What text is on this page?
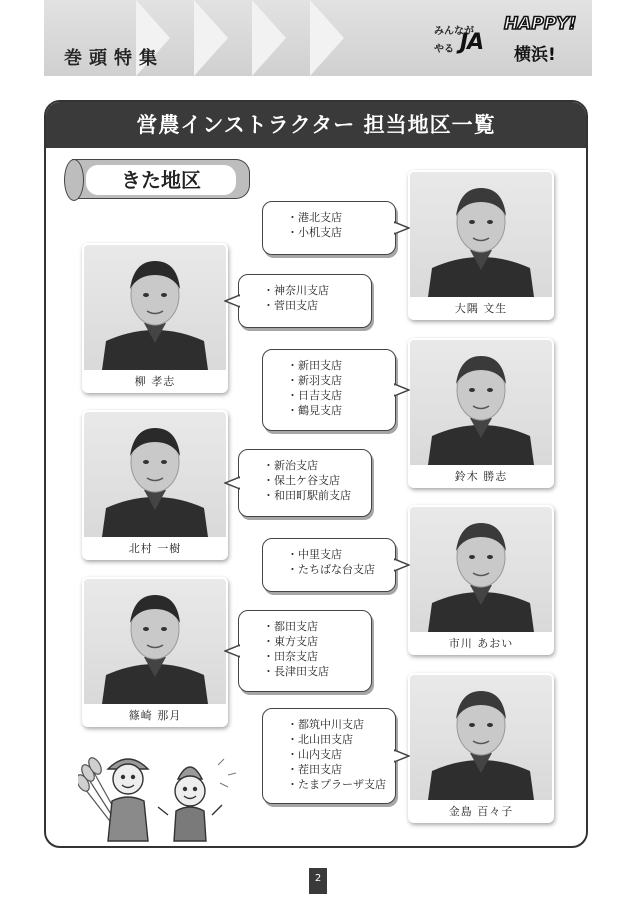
巻頭特集
みんなが
やる JA
HAPPY!
横浜!
営農インストラクター 担当地区一覧
きた地区
大隅 文生
柳 孝志
鈴木 勝志
北村 一樹
市川 あおい
篠崎 那月
金島 百々子
・港北支店
・小机支店
・神奈川支店
・菅田支店
・新田支店
・新羽支店
・日吉支店
・鶴見支店
・新治支店
・保土ケ谷支店
・和田町駅前支店
・中里支店
・たちばな台支店
・都田支店
・東方支店
・田奈支店
・長津田支店
・都筑中川支店
・北山田支店
・山内支店
・茬田支店
・たまプラーザ支店
2
